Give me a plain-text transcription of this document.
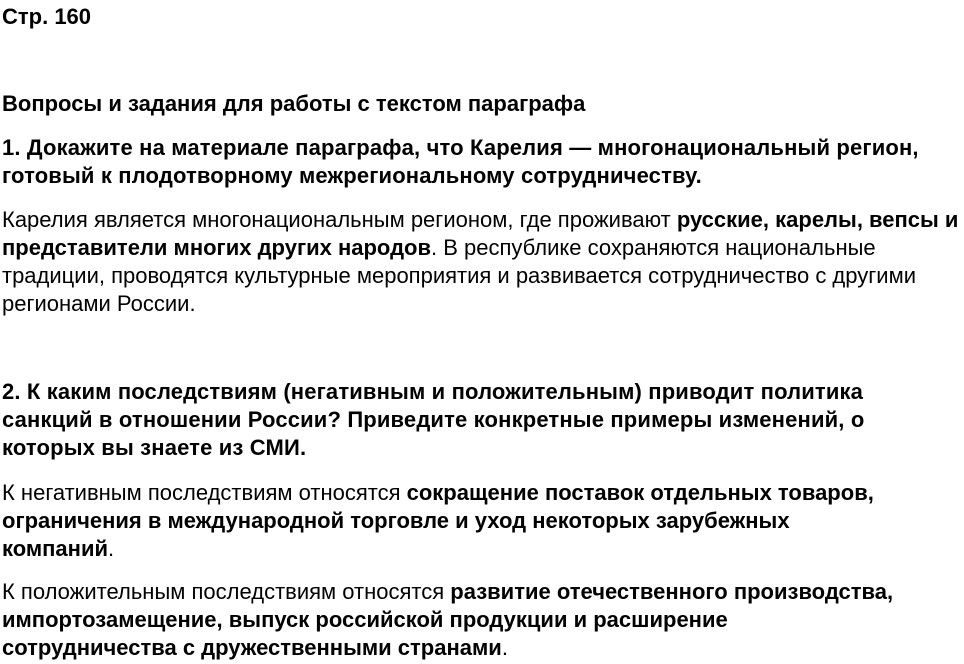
Стр. 160
Вопросы и задания для работы с текстом параграфа

1. Докажите на материале параграфа, что Карелия — многонациональный регион, готовый к плодотворному межрегиональному сотрудничеству.

Карелия является многонациональным регионом, где проживают русские, карелы, вепсы и представители многих других народов. В республике сохраняются национальные традиции, проводятся культурные мероприятия и развивается сотрудничество с другими регионами России.

2. К каким последствиям (негативным и положительным) приводит политика санкций в отношении России? Приведите конкретные примеры изменений, о которых вы знаете из СМИ.

К негативным последствиям относятся сокращение поставок отдельных товаров, ограничения в международной торговле и уход некоторых зарубежных компаний.

К положительным последствиям относятся развитие отечественного производства, импортозамещение, выпуск российской продукции и расширение сотрудничества с дружественными странами.
